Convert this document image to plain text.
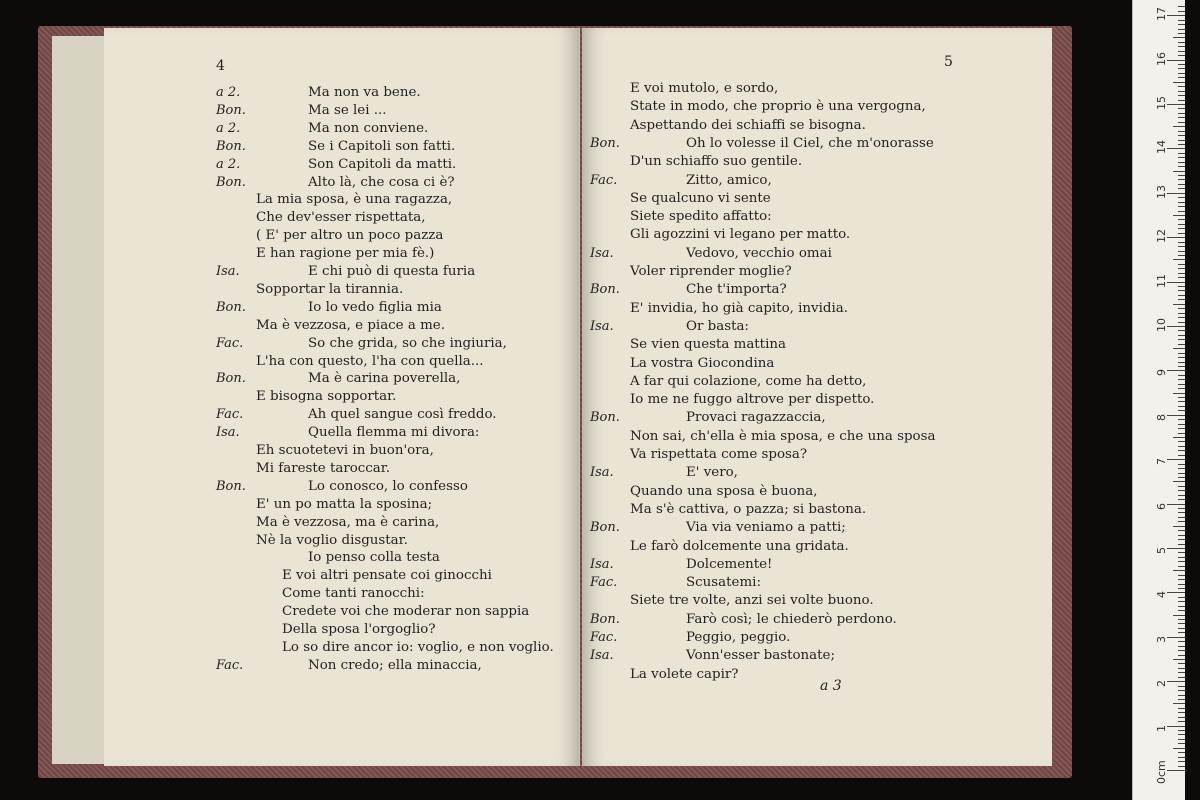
4
a 2.	Ma non va bene.
Bon.	Ma se lei ...
a 2.	Ma non conviene.
Bon.	Se i Capitoli son fatti.
a 2.	Son Capitoli da matti.
Bon.	Alto là, che cosa ci è?
La mia sposa, è una ragazza,
Che dev'esser rispettata,
( E' per altro un poco pazza
E han ragione per mia fè.)
Isa.	E chi può di questa furia
Sopportar la tirannia.
Bon.	Io lo vedo figlia mia
Ma è vezzosa, e piace a me.
Fac.	So che grida, so che ingiuria,
L'ha con questo, l'ha con quella...
Bon.	Ma è carina poverella,
E bisogna sopportar.
Fac.	Ah quel sangue così freddo.
Isa.	Quella flemma mi divora:
Eh scuotetevi in buon'ora,
Mi fareste taroccar.
Bon.	Lo conosco, lo confesso
E' un po matta la sposina;
Ma è vezzosa, ma è carina,
Nè la voglio disgustar.
Io penso colla testa
E voi altri pensate coi ginocchi
Come tanti ranocchi:
Credete voi che moderar non sappia
Della sposa l'orgoglio?
Lo so dire ancor io: voglio, e non voglio.
Fac.	Non credo; ella minaccia,
5
E voi mutolo, e sordo,
State in modo, che proprio è una vergogna,
Aspettando dei schiaffi se bisogna.
Bon.	Oh lo volesse il Ciel, che m'onorasse
D'un schiaffo suo gentile.
Fac.	Zitto, amico,
Se qualcuno vi sente
Siete spedito affatto:
Gli agozzini vi legano per matto.
Isa.	Vedovo, vecchio omai
Voler riprender moglie?
Bon.	Che t'importa?
E' invidia, ho già capito, invidia.
Isa.	Or basta:
Se vien questa mattina
La vostra Giocondina
A far qui colazione, come ha detto,
Io me ne fuggo altrove per dispetto.
Bon.	Provaci ragazzaccia,
Non sai, ch'ella è mia sposa, e che una sposa
Va rispettata come sposa?
Isa.	E' vero,
Quando una sposa è buona,
Ma s'è cattiva, o pazza; si bastona.
Bon.	Via via veniamo a patti;
Le farò dolcemente una gridata.
Isa.	Dolcemente!
Fac.	Scusatemi:
Siete tre volte, anzi sei volte buono.
Bon.	Farò così; le chiederò perdono.
Fac.	Peggio, peggio.
Isa.	Vonn'esser bastonate;
La volete capir?
a 3
0cm
1
2
3
4
5
6
7
8
9
10
11
12
13
14
15
16
17
